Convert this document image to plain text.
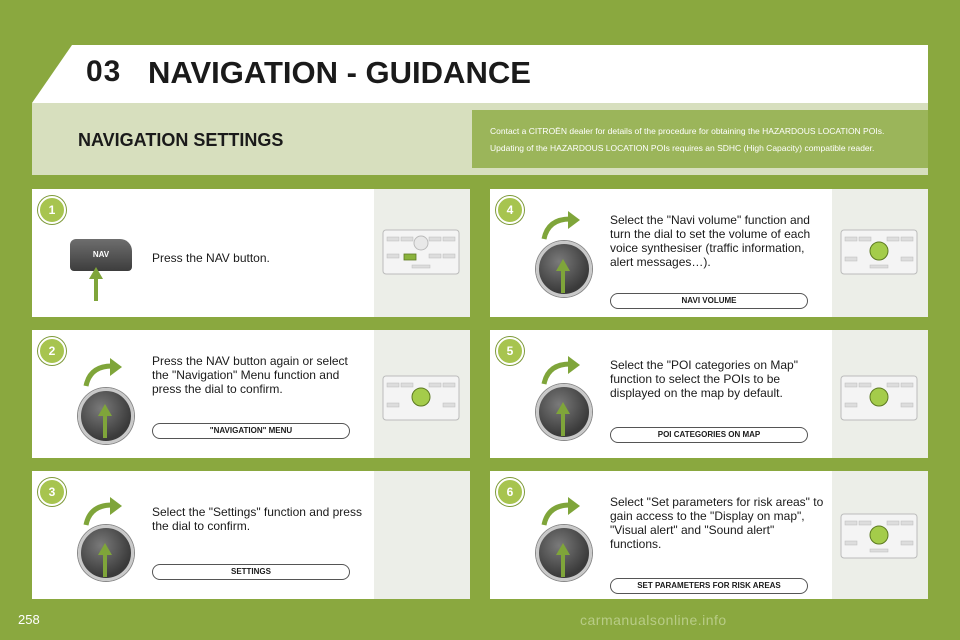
03 NAVIGATION - GUIDANCE
NAVIGATION SETTINGS	Contact a CITROËN dealer for details of the procedure for obtaining the HAZARDOUS LOCATION POIs.
Updating of the HAZARDOUS LOCATION POIs requires an SDHC (High Capacity) compatible reader.
NAV	Press the NAV button.
1
Press the NAV button again or select the "Navigation" Menu function and press the dial to confirm.
"NAVIGATION" MENU
2
Select the "Settings" function and press the dial to confirm.
SETTINGS
3
Select the "Navi volume" function and turn the dial to set the volume of each voice synthesiser (traffic information, alert messages…).
NAVI VOLUME
4
Select the "POI categories on Map" function to select the POIs to be displayed on the map by default.
POI CATEGORIES ON MAP
5
Select "Set parameters for risk areas" to gain access to the "Display on map", "Visual alert" and "Sound alert" functions.
SET PARAMETERS FOR RISK AREAS
6
258	carmanualsonline.info
